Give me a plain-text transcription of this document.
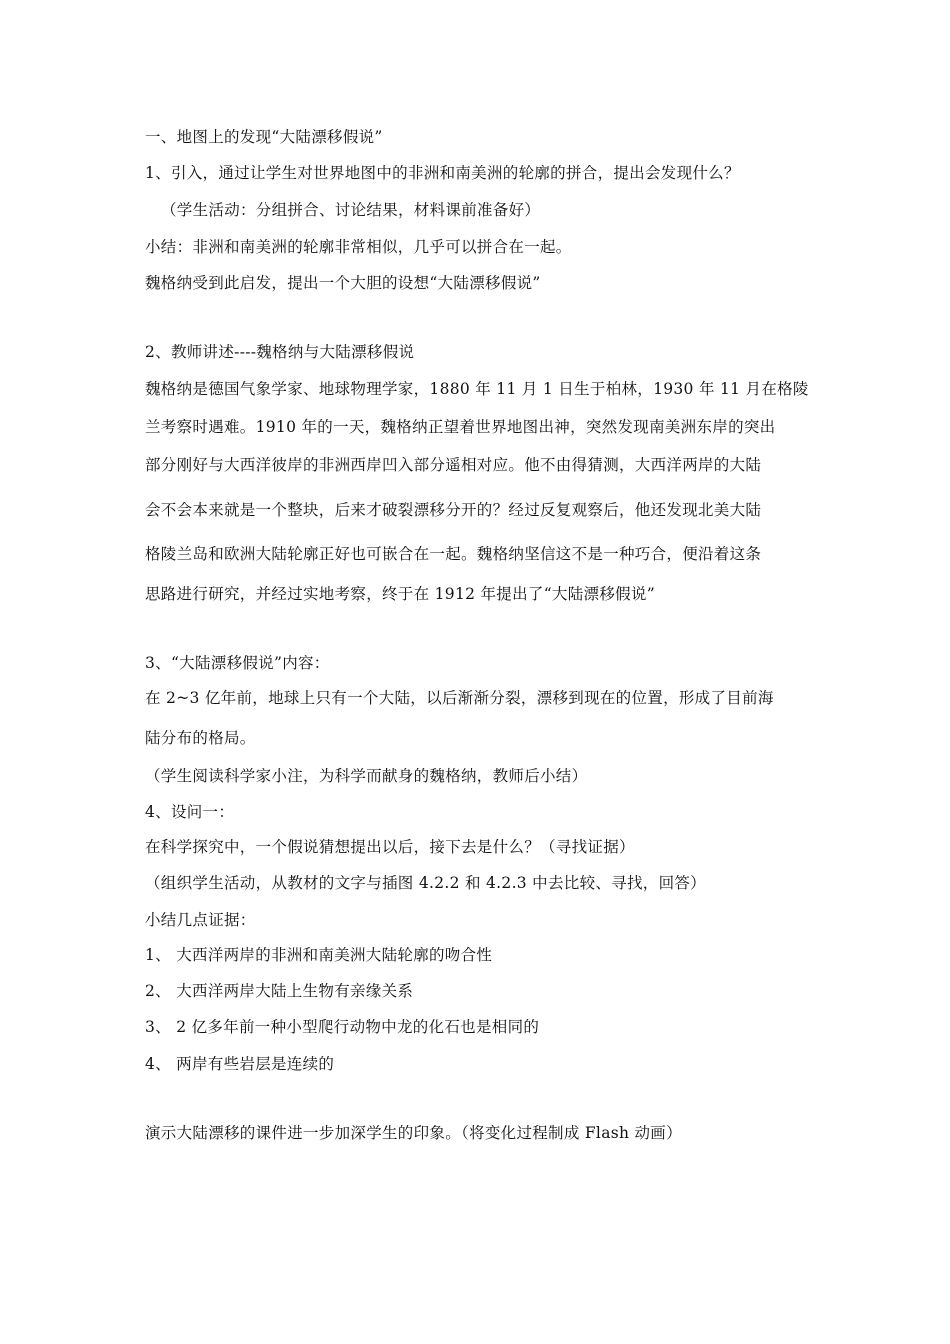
一、地图上的发现“大陆漂移假说”
1、引入，通过让学生对世界地图中的非洲和南美洲的轮廓的拼合，提出会发现什么？
（学生活动：分组拼合、讨论结果，材料课前准备好）
小结：非洲和南美洲的轮廓非常相似，几乎可以拼合在一起。
魏格纳受到此启发，提出一个大胆的设想“大陆漂移假说”
2、教师讲述----魏格纳与大陆漂移假说
魏格纳是德国气象学家、地球物理学家，1880 年 11 月 1 日生于柏林，1930 年 11 月在格陵
兰考察时遇难。1910 年的一天，魏格纳正望着世界地图出神，突然发现南美洲东岸的突出
部分刚好与大西洋彼岸的非洲西岸凹入部分遥相对应。他不由得猜测，大西洋两岸的大陆
会不会本来就是一个整块，后来才破裂漂移分开的？经过反复观察后，他还发现北美大陆
格陵兰岛和欧洲大陆轮廓正好也可嵌合在一起。魏格纳坚信这不是一种巧合，便沿着这条
思路进行研究，并经过实地考察，终于在 1912 年提出了“大陆漂移假说”
3、“大陆漂移假说”内容：
在 2~3 亿年前，地球上只有一个大陆，以后渐渐分裂，漂移到现在的位置，形成了目前海
陆分布的格局。
（学生阅读科学家小注，为科学而献身的魏格纳，教师后小结）
4、设问一：
在科学探究中，一个假说猜想提出以后，接下去是什么？（寻找证据）
（组织学生活动，从教材的文字与插图 4.2.2 和 4.2.3 中去比较、寻找，回答）
小结几点证据：
1、 大西洋两岸的非洲和南美洲大陆轮廓的吻合性
2、 大西洋两岸大陆上生物有亲缘关系
3、 2 亿多年前一种小型爬行动物中龙的化石也是相同的
4、 两岸有些岩层是连续的
演示大陆漂移的课件进一步加深学生的印象。（将变化过程制成 Flash 动画）
